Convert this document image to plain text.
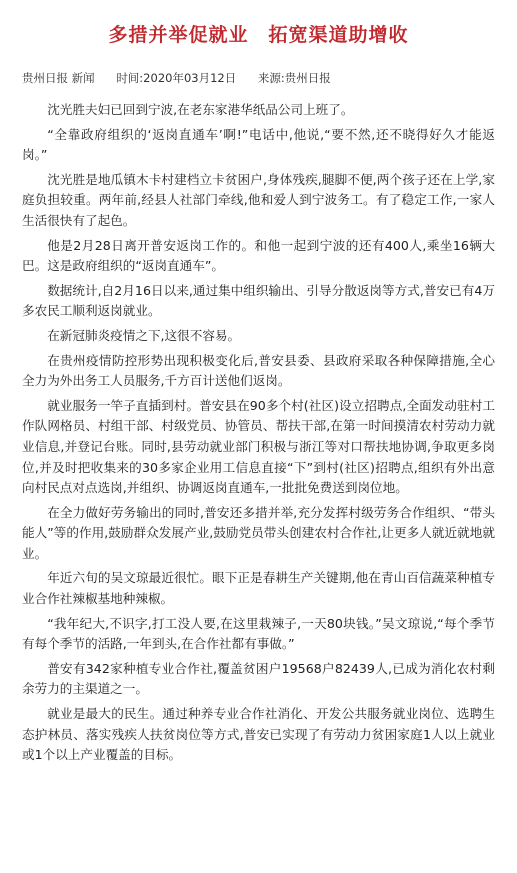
多措并举促就业　拓宽渠道助增收
贵州日报 新闻 时间:2020年03月12日 来源:贵州日报

沈光胜夫妇已回到宁波,在老东家港华纸品公司上班了。

“全靠政府组织的‘返岗直通车’啊!”电话中,他说,“要不然,还不晓得好久才能返岗。”

沈光胜是地瓜镇木卡村建档立卡贫困户,身体残疾,腿脚不便,两个孩子还在上学,家庭负担较重。两年前,经县人社部门牵线,他和爱人到宁波务工。有了稳定工作,一家人生活很快有了起色。

他是2月28日离开普安返岗工作的。和他一起到宁波的还有400人,乘坐16辆大巴。这是政府组织的“返岗直通车”。

数据统计,自2月16日以来,通过集中组织输出、引导分散返岗等方式,普安已有4万多农民工顺利返岗就业。

在新冠肺炎疫情之下,这很不容易。

在贵州疫情防控形势出现积极变化后,普安县委、县政府采取各种保障措施,全心全力为外出务工人员服务,千方百计送他们返岗。

就业服务一竿子直插到村。普安县在90多个村(社区)设立招聘点,全面发动驻村工作队网格员、村组干部、村级党员、协管员、帮扶干部,在第一时间摸清农村劳动力就业信息,并登记台账。同时,县劳动就业部门积极与浙江等对口帮扶地协调,争取更多岗位,并及时把收集来的30多家企业用工信息直接“下”到村(社区)招聘点,组织有外出意向村民点对点选岗,并组织、协调返岗直通车,一批批免费送到岗位地。

在全力做好劳务输出的同时,普安还多措并举,充分发挥村级劳务合作组织、“带头能人”等的作用,鼓励群众发展产业,鼓励党员带头创建农村合作社,让更多人就近就地就业。

年近六旬的吴文琼最近很忙。眼下正是春耕生产关键期,他在青山百信蔬菜种植专业合作社辣椒基地种辣椒。

“我年纪大,不识字,打工没人要,在这里栽辣子,一天80块钱。”吴文琼说,“每个季节有每个季节的活路,一年到头,在合作社都有事做。”

普安有342家种植专业合作社,覆盖贫困户19568户82439人,已成为消化农村剩余劳力的主渠道之一。

就业是最大的民生。通过种养专业合作社消化、开发公共服务就业岗位、选聘生态护林员、落实残疾人扶贫岗位等方式,普安已实现了有劳动力贫困家庭1人以上就业或1个以上产业覆盖的目标。
